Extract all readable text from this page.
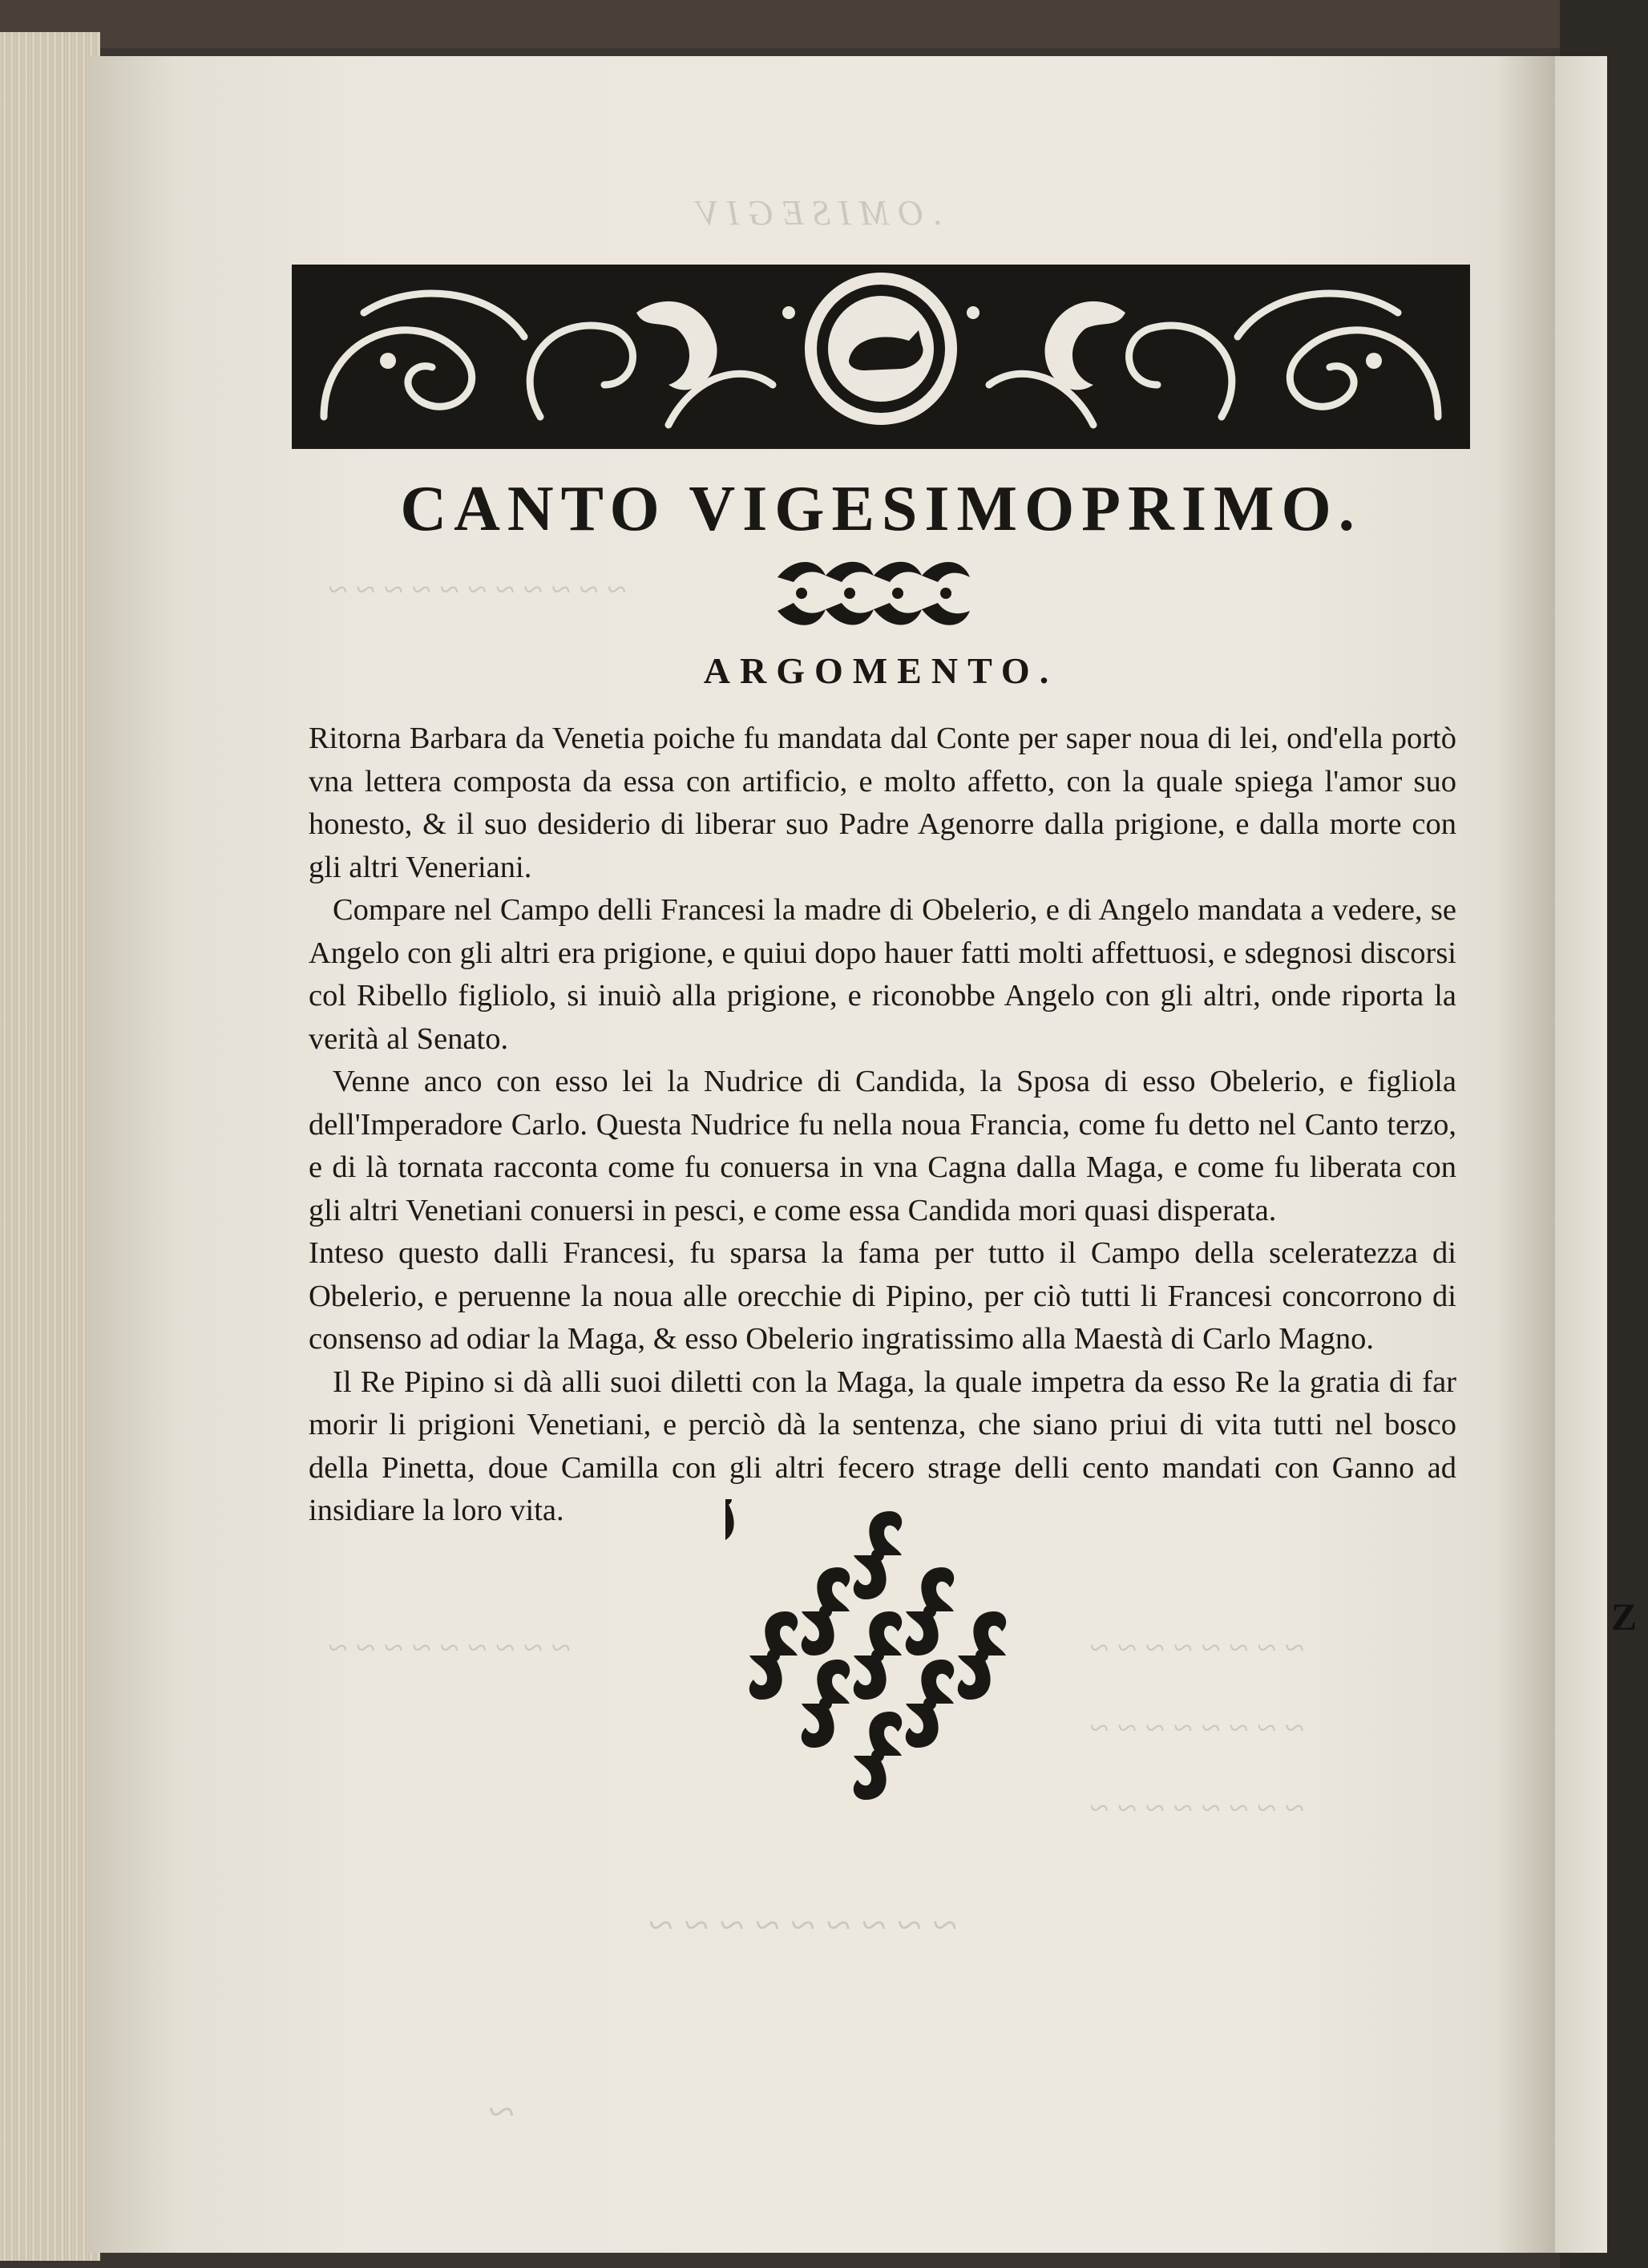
. O M I S E G I V
~ ~ ~ ~ ~ ~ ~ ~ ~ ~ ~
~ ~ ~ ~ ~ ~ ~ ~ ~	~ ~ ~ ~ ~ ~ ~ ~
~ ~ ~ ~ ~ ~ ~ ~
~ ~ ~ ~ ~ ~ ~ ~
~ ~ ~ ~ ~ ~ ~ ~ ~
~
CANTO VIGESIMOPRIMO.
ARGOMENTO.

Ritorna Barbara da Venetia poiche fu mandata dal Conte per saper noua di lei, ond'ella portò vna lettera composta da essa con artificio, e molto affetto, con la quale spiega l'amor suo honesto, & il suo desiderio di liberar suo Padre Agenorre dalla prigione, e dalla morte con gli altri Veneriani.

Compare nel Campo delli Francesi la madre di Obelerio, e di Angelo mandata a vedere, se Angelo con gli altri era prigione, e quiui dopo hauer fatti molti affettuosi, e sdegnosi discorsi col Ribello figliolo, si inuiò alla prigione, e riconobbe Angelo con gli altri, onde riporta la verità al Senato.

Venne anco con esso lei la Nudrice di Candida, la Sposa di esso Obelerio, e figliola dell'Imperadore Carlo. Questa Nudrice fu nella noua Francia, come fu detto nel Canto terzo, e di là tornata racconta come fu conuersa in vna Cagna dalla Maga, e come fu liberata con gli altri Venetiani conuersi in pesci, e come essa Candida mori quasi disperata.

Inteso questo dalli Francesi, fu sparsa la fama per tutto il Campo della sceleratezza di Obelerio, e peruenne la noua alle orecchie di Pipino, per ciò tutti li Francesi concorrono di consenso ad odiar la Maga, & esso Obelerio ingratissimo alla Maestà di Carlo Magno.

Il Re Pipino si dà alli suoi diletti con la Maga, la quale impetra da esso Re la gratia di far morir li prigioni Venetiani, e perciò dà la sentenza, che siano priui di vita tutti nel bosco della Pinetta, doue Camilla con gli altri fecero strage delli cento mandati con Ganno ad insidiare la loro vita.

Z
